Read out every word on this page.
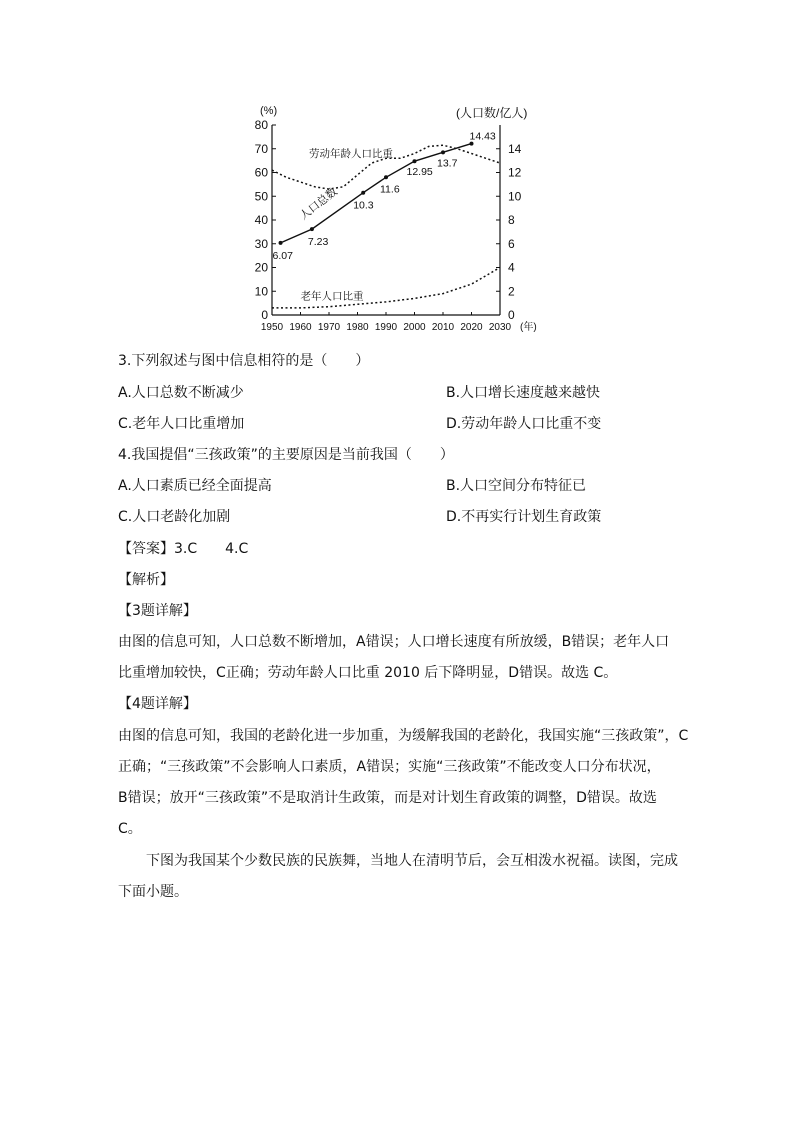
0
10
20
30
40
50
60
70
80
0
2
4
6
8
10
12
14
1950 1960 1970 1980 1990 2000 2010 2020 2030 (年)
(%)	(人口数/亿人)
6.07
7.23
10.3
11.6
12.95
13.7
14.43
人口总数
劳动年龄人口比重
老年人口比重
3.下列叙述与图中信息相符的是（　　）
A.人口总数不断减少	B.人口增长速度越来越快
C.老年人口比重增加	D.劳动年龄人口比重不变
4.我国提倡“三孩政策”的主要原因是当前我国（　　）
A.人口素质已经全面提高	B.人口空间分布特征已
C.人口老龄化加剧	D.不再实行计划生育政策
【答案】3.C　　4.C
【解析】
【3题详解】
由图的信息可知，人口总数不断增加，A错误；人口增长速度有所放缓，B错误；老年人口
比重增加较快，C正确；劳动年龄人口比重 2010 后下降明显，D错误。故选 C。
【4题详解】
由图的信息可知，我国的老龄化进一步加重，为缓解我国的老龄化，我国实施“三孩政策”，C
正确；“三孩政策”不会影响人口素质，A错误；实施“三孩政策”不能改变人口分布状况，
B错误；放开“三孩政策”不是取消计生政策，而是对计划生育政策的调整，D错误。故选
C。
下图为我国某个少数民族的民族舞，当地人在清明节后，会互相泼水祝福。读图，完成
下面小题。
